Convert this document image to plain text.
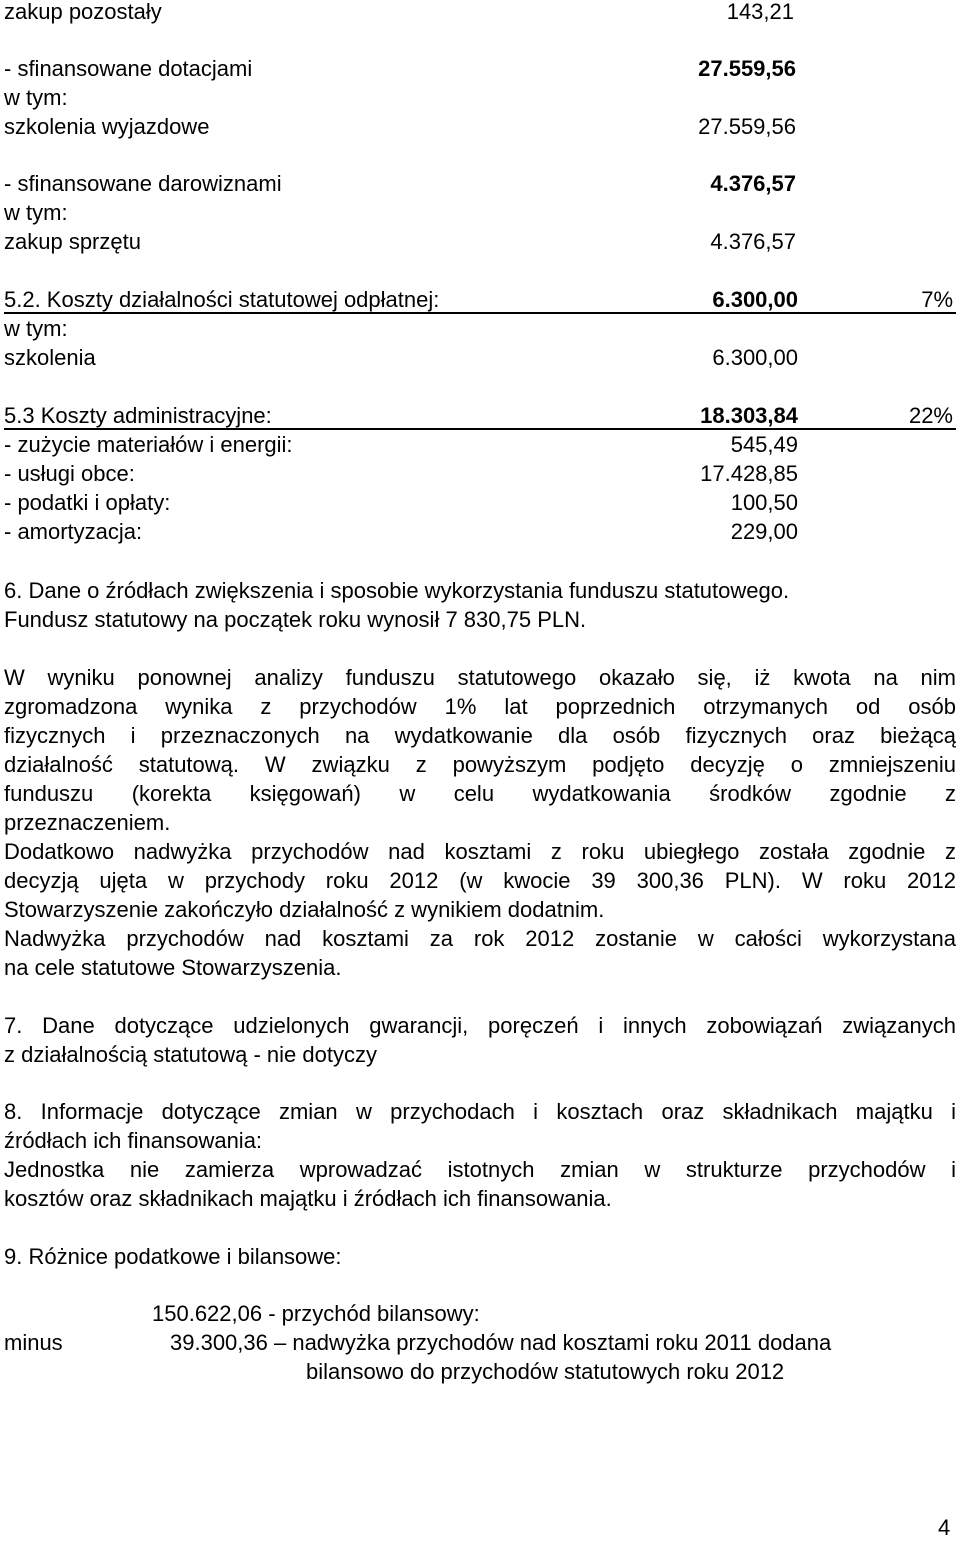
zakup pozostały	143,21
- sfinansowane dotacjami	27.559,56
w tym:
szkolenia wyjazdowe	27.559,56
- sfinansowane darowiznami	4.376,57
w tym:
zakup sprzętu	4.376,57
5.2. Koszty działalności statutowej odpłatnej:	6.300,00	7%
w tym:
szkolenia	6.300,00
5.3 Koszty administracyjne:	18.303,84	22%
- zużycie materiałów i energii:	545,49
- usługi obce:	17.428,85
- podatki i opłaty:	100,50
- amortyzacja:	229,00
6. Dane o źródłach zwiększenia i sposobie wykorzystania funduszu statutowego.
Fundusz statutowy na początek roku wynosił 7 830,75 PLN.
W wyniku ponownej analizy funduszu statutowego okazało się, iż kwota na nim
zgromadzona wynika z przychodów 1% lat poprzednich otrzymanych od osób
fizycznych i przeznaczonych na wydatkowanie dla osób fizycznych oraz bieżącą
działalność statutową. W związku z powyższym podjęto decyzję o zmniejszeniu
funduszu (korekta księgowań) w celu wydatkowania środków zgodnie z
przeznaczeniem.
Dodatkowo nadwyżka przychodów nad kosztami z roku ubiegłego została zgodnie z
decyzją ujęta w przychody roku 2012 (w kwocie 39 300,36 PLN). W roku 2012
Stowarzyszenie zakończyło działalność z wynikiem dodatnim.
Nadwyżka przychodów nad kosztami za rok 2012 zostanie w całości wykorzystana
na cele statutowe Stowarzyszenia.
7. Dane dotyczące udzielonych gwarancji, poręczeń i innych zobowiązań związanych
z działalnością statutową - nie dotyczy
8. Informacje dotyczące zmian w przychodach i kosztach oraz składnikach majątku i
źródłach ich finansowania:
Jednostka nie zamierza wprowadzać istotnych zmian w strukturze przychodów i
kosztów oraz składnikach majątku i źródłach ich finansowania.
9. Różnice podatkowe i bilansowe:
150.622,06 - przychód bilansowy:
minus	39.300,36 – nadwyżka przychodów nad kosztami roku 2011 dodana
bilansowo do przychodów statutowych roku 2012
4
